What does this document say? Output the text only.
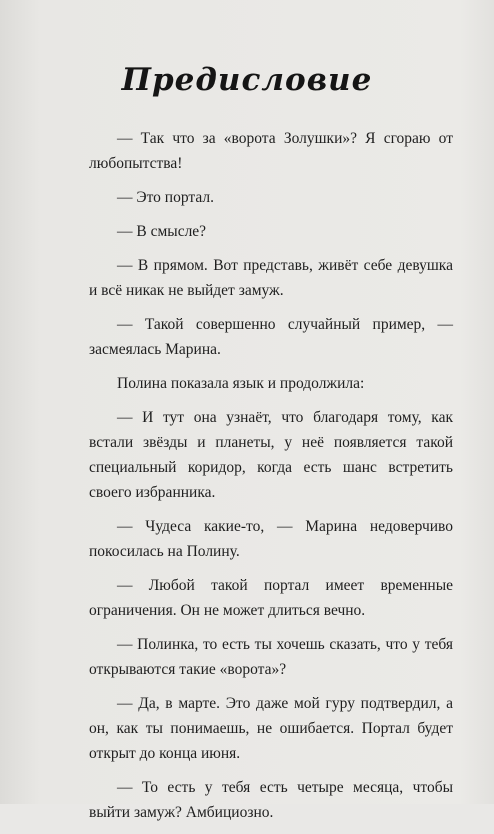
Предисловие

— Так что за «ворота Золушки»? Я сгораю от любопытства!

— Это портал.

— В смысле?

— В прямом. Вот представь, живёт себе девушка и всё никак не выйдет замуж.

— Такой совершенно случайный пример, — засмеялась Марина.

Полина показала язык и продолжила:

— И тут она узнаёт, что благодаря тому, как встали звёзды и планеты, у неё появляется такой специальный коридор, когда есть шанс встретить своего избранника.

— Чудеса какие-то, — Марина недоверчиво покосилась на Полину.

— Любой такой портал имеет временные ограничения. Он не может длиться вечно.

— Полинка, то есть ты хочешь сказать, что у тебя открываются такие «ворота»?

— Да, в марте. Это даже мой гуру подтвердил, а он, как ты понимаешь, не ошибается. Портал будет открыт до конца июня.

— То есть у тебя есть четыре месяца, чтобы выйти замуж? Амбициозно.
